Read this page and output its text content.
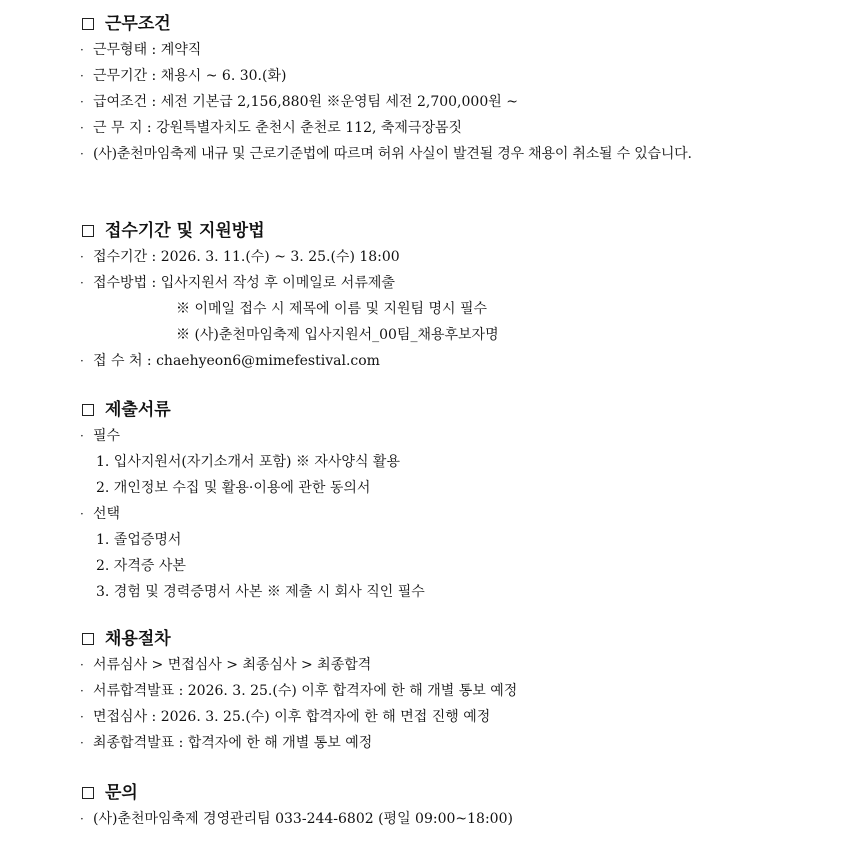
근무조건
· 근무형태 : 계약직
· 근무기간 : 채용시 ~ 6. 30.(화)
· 급여조건 : 세전 기본급 2,156,880원 ※운영팀 세전 2,700,000원 ~
· 근 무 지 : 강원특별자치도 춘천시 춘천로 112, 축제극장몸짓
· (사)춘천마임축제 내규 및 근로기준법에 따르며 허위 사실이 발견될 경우 채용이 취소될 수 있습니다.
접수기간 및 지원방법
· 접수기간 : 2026. 3. 11.(수) ~ 3. 25.(수) 18:00
· 접수방법 : 입사지원서 작성 후 이메일로 서류제출
※ 이메일 접수 시 제목에 이름 및 지원팀 명시 필수
※ (사)춘천마임축제 입사지원서_00팀_채용후보자명
· 접 수 처 : chaehyeon6@mimefestival.com
제출서류
· 필수
1. 입사지원서(자기소개서 포함) ※ 자사양식 활용
2. 개인정보 수집 및 활용·이용에 관한 동의서
· 선택
1. 졸업증명서
2. 자격증 사본
3. 경험 및 경력증명서 사본 ※ 제출 시 회사 직인 필수
채용절차
· 서류심사 > 면접심사 > 최종심사 > 최종합격
· 서류합격발표 : 2026. 3. 25.(수) 이후 합격자에 한 해 개별 통보 예정
· 면접심사 : 2026. 3. 25.(수) 이후 합격자에 한 해 면접 진행 예정
· 최종합격발표 : 합격자에 한 해 개별 통보 예정
문의
· (사)춘천마임축제 경영관리팀 033-244-6802 (평일 09:00~18:00)
